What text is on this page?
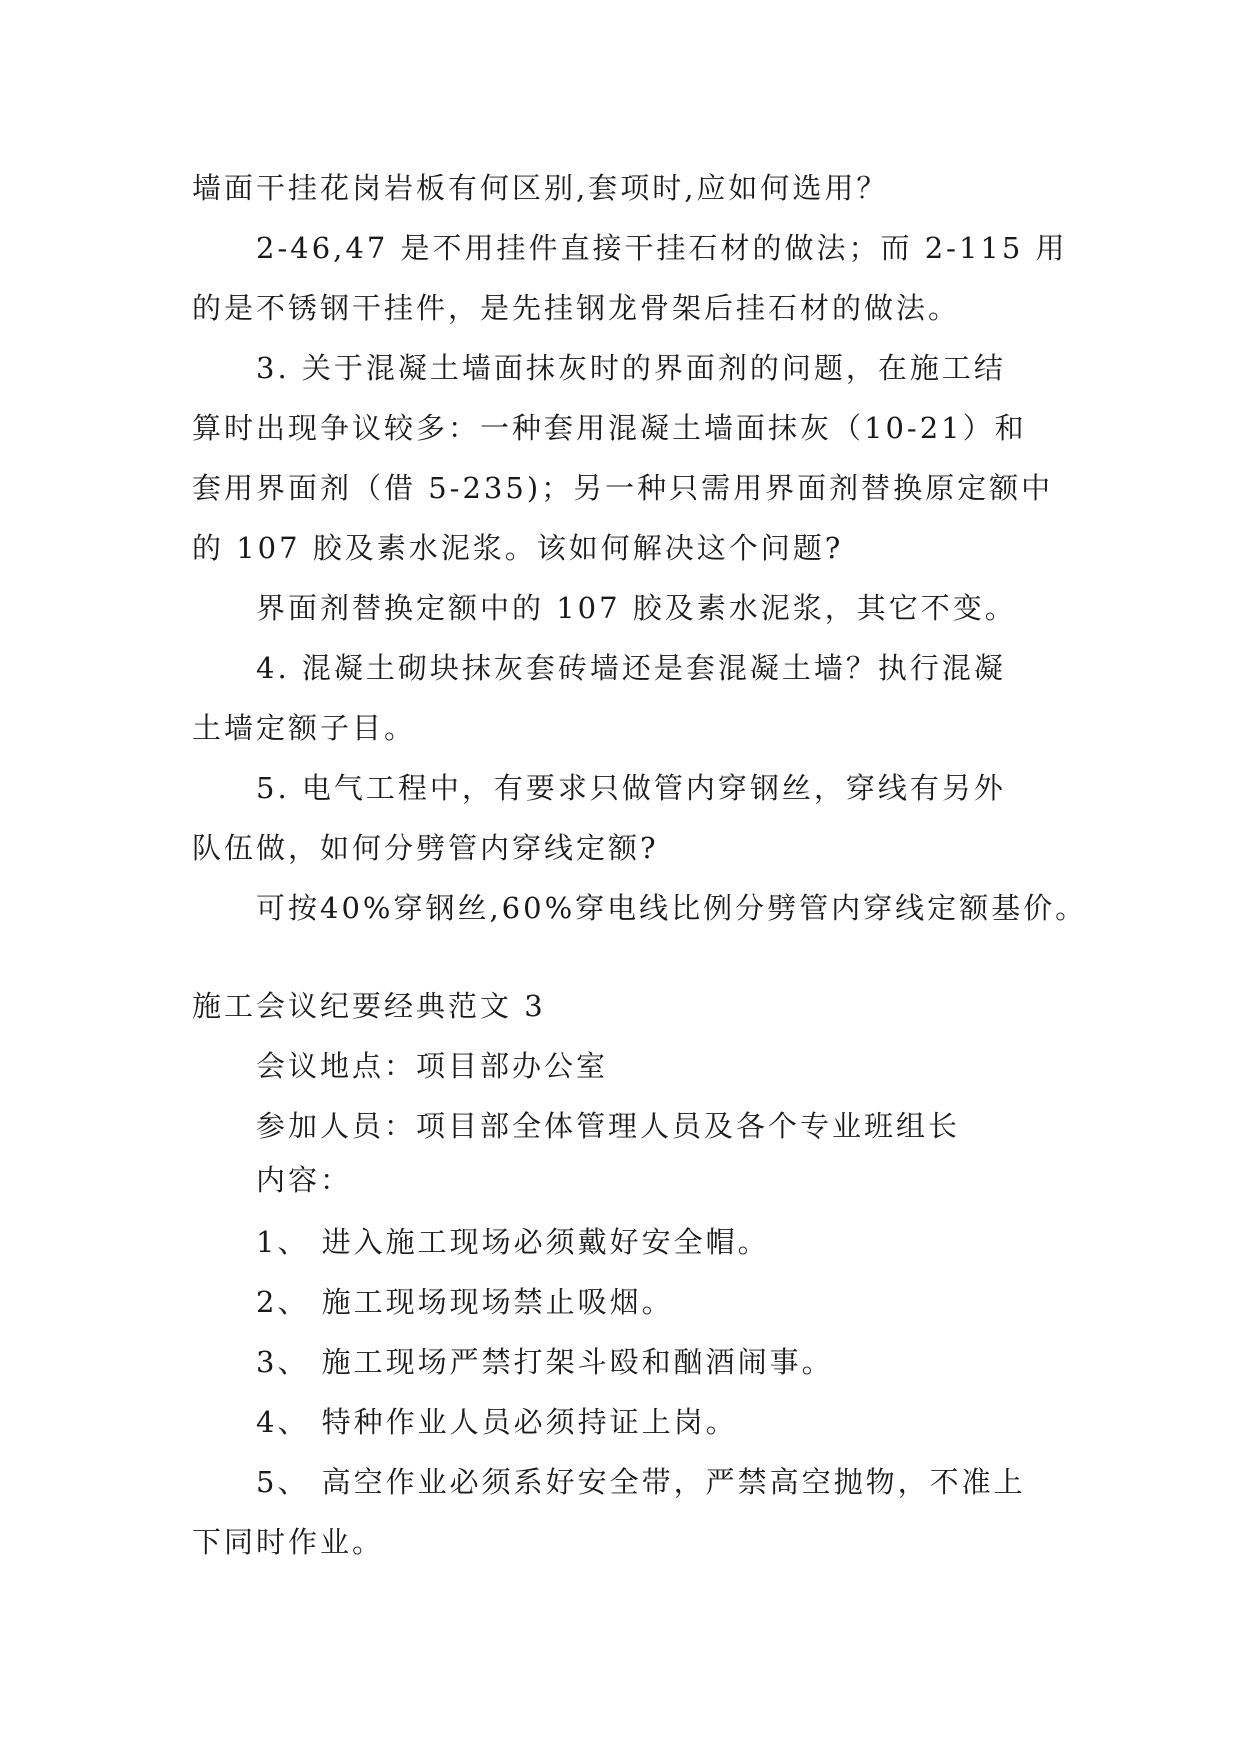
墙面干挂花岗岩板有何区别,套项时,应如何选用？
2-46,47 是不用挂件直接干挂石材的做法；而 2-115 用
的是不锈钢干挂件，是先挂钢龙骨架后挂石材的做法。
3. 关于混凝土墙面抹灰时的界面剂的问题，在施工结
算时出现争议较多：一种套用混凝土墙面抹灰（10-21）和
套用界面剂（借 5-235)；另一种只需用界面剂替换原定额中
的 107 胶及素水泥浆。该如何解决这个问题?
界面剂替换定额中的 107 胶及素水泥浆，其它不变。
4. 混凝土砌块抹灰套砖墙还是套混凝土墙？执行混凝
土墙定额子目。
5. 电气工程中，有要求只做管内穿钢丝，穿线有另外
队伍做，如何分劈管内穿线定额?
可按40%穿钢丝,60%穿电线比例分劈管内穿线定额基价。
施工会议纪要经典范文 3
会议地点：项目部办公室
参加人员：项目部全体管理人员及各个专业班组长
内容：
1、 进入施工现场必须戴好安全帽。
2、 施工现场现场禁止吸烟。
3、 施工现场严禁打架斗殴和酗酒闹事。
4、 特种作业人员必须持证上岗。
5、 高空作业必须系好安全带，严禁高空抛物，不准上
下同时作业。
